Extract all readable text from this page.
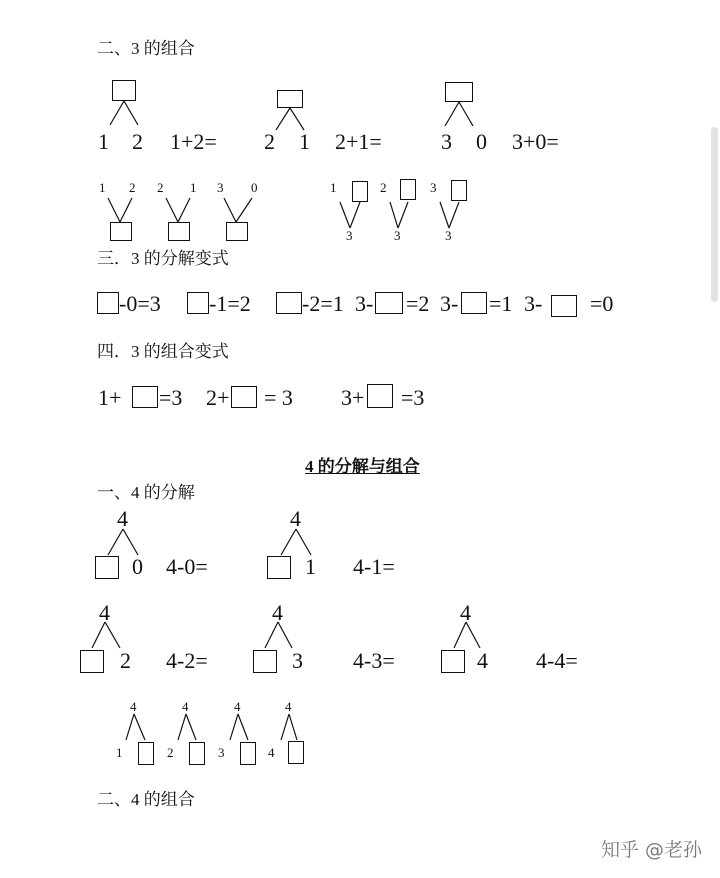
二、3 的组合
1 2 1+2= 2 1 2+1=	3 0 3+0=
1 2 2 1 3 0	1
3
2
3
3
3
三．3 的分解变式
-0=3 -1=2 -2=1 3- =2 3- =1 3- =0
四．3 的组合变式
1+ =3 2+ = 3 3+ =3
4 的分解与组合
一、4 的分解
4
0 4-0=
4
1 4-1=
4
2 4-2=
4
3 4-3=
4
4 4-4=
4
1
4
2
4
3
4
4
二、4 的组合
知乎 @老孙
